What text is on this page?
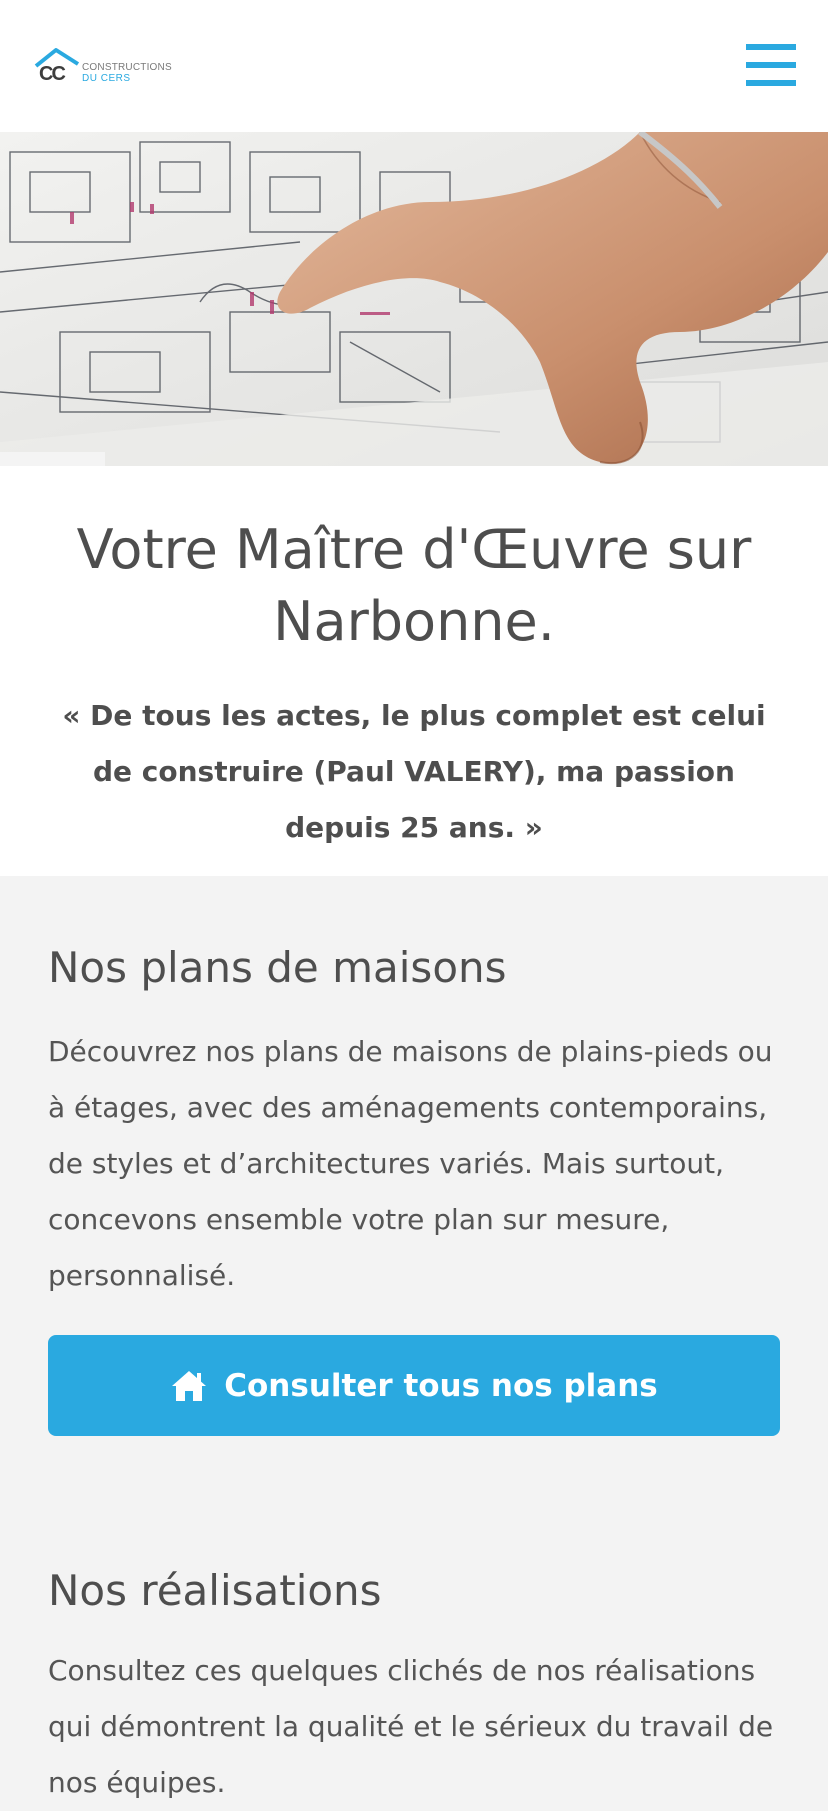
CC CONSTRUCTIONS
DU CERS
Votre Maître d'Œuvre sur Narbonne.

« De tous les actes, le plus complet est celui de construire (Paul VALERY), ma passion depuis 25 ans. »

Nos plans de maisons

Découvrez nos plans de maisons de plains-pieds ou à étages, avec des aménagements contemporains, de styles et d’architectures variés. Mais surtout, concevons ensemble votre plan sur mesure, personnalisé.

Consulter tous nos plans
Nos réalisations

Consultez ces quelques clichés de nos réalisations qui démontrent la qualité et le sérieux du travail de nos équipes.
